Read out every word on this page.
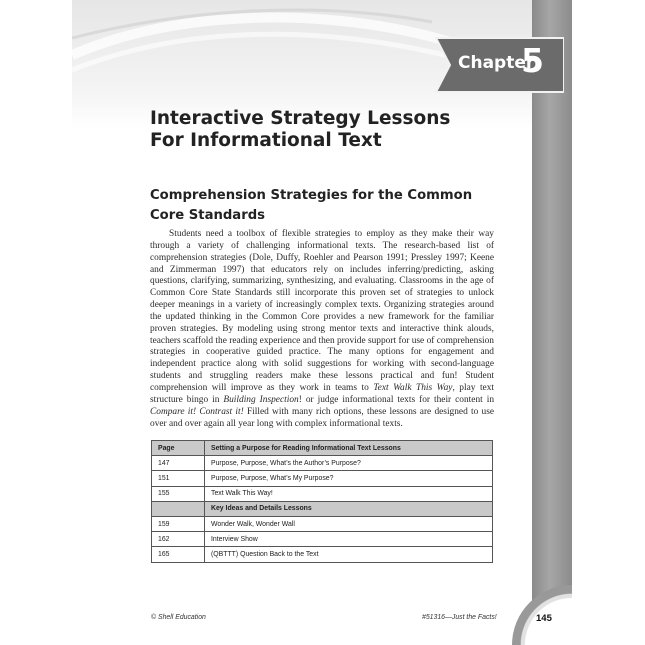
Chapter
5
Interactive Strategy Lessons For Informational Text
Comprehension Strategies for the Common Core Standards

Students need a toolbox of flexible strategies to employ as they make their way through a variety of challenging informational texts. The research-based list of comprehension strategies (Dole, Duffy, Roehler and Pearson 1991; Pressley 1997; Keene and Zimmerman 1997) that educators rely on includes inferring/predicting, asking questions, clarifying, summarizing, synthesizing, and evaluating. Classrooms in the age of Common Core State Standards still incorporate this proven set of strategies to unlock deeper meanings in a variety of increasingly complex texts. Organizing strategies around the updated thinking in the Common Core provides a new framework for the familiar proven strategies. By modeling using strong mentor texts and interactive think alouds, teachers scaffold the reading experience and then provide support for use of comprehension strategies in cooperative guided practice. The many options for engagement and independent practice along with solid suggestions for working with second-language students and struggling readers make these lessons practical and fun! Student comprehension will improve as they work in teams to Text Walk This Way, play text structure bingo in Building Inspection! or judge informational texts for their content in Compare it! Contrast it! Filled with many rich options, these lessons are designed to use over and over again all year long with complex informational texts.

Page	Setting a Purpose for Reading Informational Text Lessons
147	Purpose, Purpose, What’s the Author’s Purpose?
151	Purpose, Purpose, What’s My Purpose?
155	Text Walk This Way!
	Key Ideas and Details Lessons
159	Wonder Walk, Wonder Wall
162	Interview Show
165	(QBTTT) Question Back to the Text
© Shell Education	#51316—Just the Facts!	145
